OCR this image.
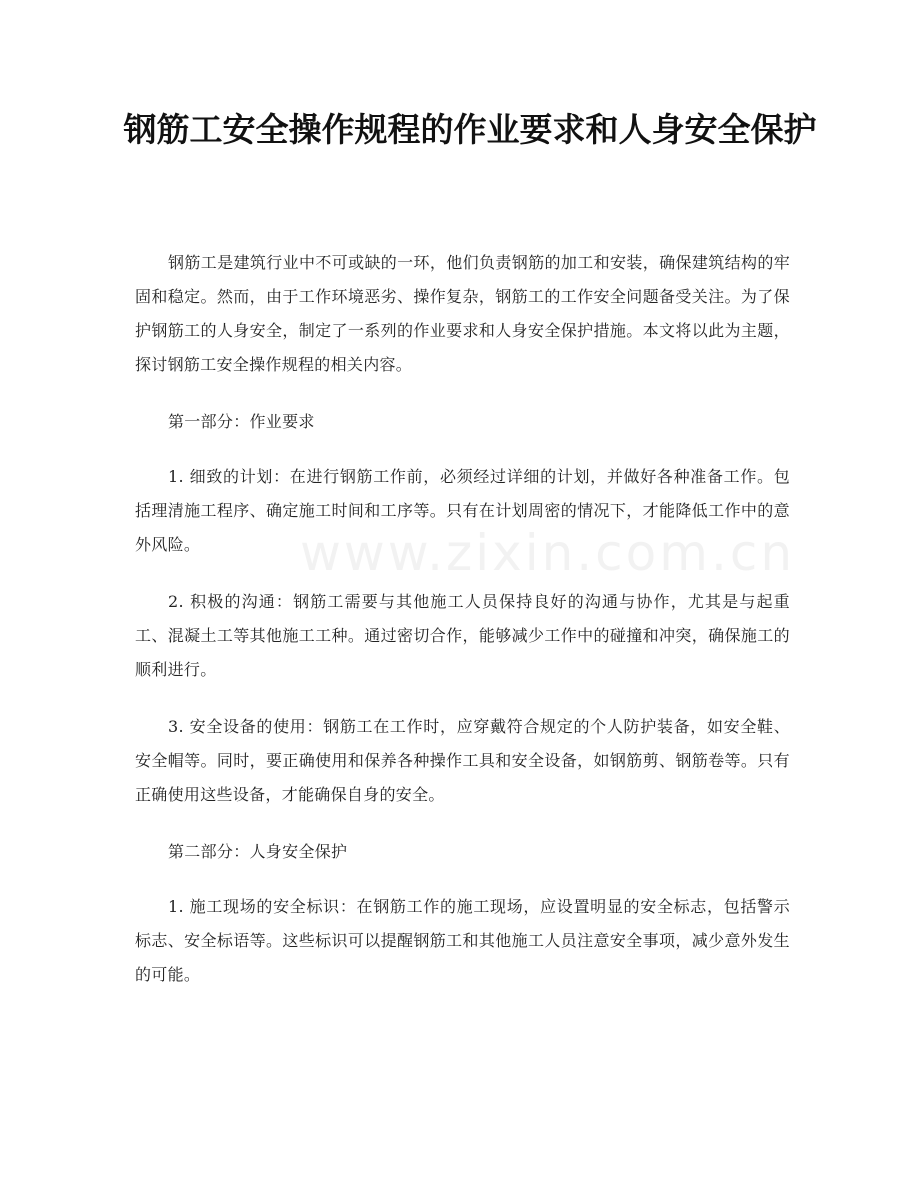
钢筋工安全操作规程的作业要求和人身安全保护
www.zixin.com.cn

钢筋工是建筑行业中不可或缺的一环，他们负责钢筋的加工和安装，确保建筑结构的牢固和稳定。然而，由于工作环境恶劣、操作复杂，钢筋工的工作安全问题备受关注。为了保护钢筋工的人身安全，制定了一系列的作业要求和人身安全保护措施。本文将以此为主题，探讨钢筋工安全操作规程的相关内容。

第一部分：作业要求

1. 细致的计划：在进行钢筋工作前，必须经过详细的计划，并做好各种准备工作。包括理清施工程序、确定施工时间和工序等。只有在计划周密的情况下，才能降低工作中的意外风险。

2. 积极的沟通：钢筋工需要与其他施工人员保持良好的沟通与协作，尤其是与起重工、混凝土工等其他施工工种。通过密切合作，能够减少工作中的碰撞和冲突，确保施工的顺利进行。

3. 安全设备的使用：钢筋工在工作时，应穿戴符合规定的个人防护装备，如安全鞋、安全帽等。同时，要正确使用和保养各种操作工具和安全设备，如钢筋剪、钢筋卷等。只有正确使用这些设备，才能确保自身的安全。

第二部分：人身安全保护

1. 施工现场的安全标识：在钢筋工作的施工现场，应设置明显的安全标志，包括警示标志、安全标语等。这些标识可以提醒钢筋工和其他施工人员注意安全事项，减少意外发生的可能。
